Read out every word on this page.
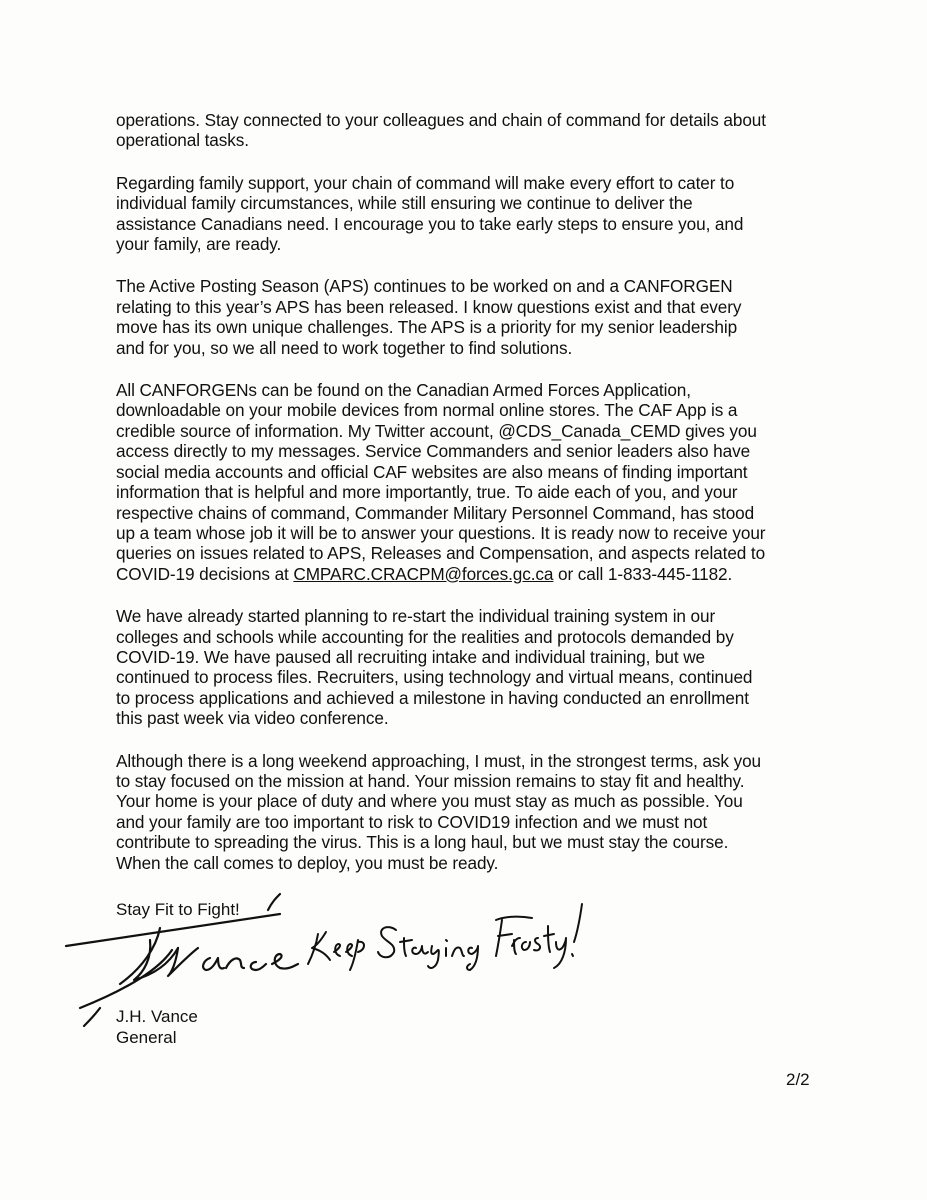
operations. Stay connected to your colleagues and chain of command for details about
operational tasks.

Regarding family support, your chain of command will make every effort to cater to
individual family circumstances, while still ensuring we continue to deliver the
assistance Canadians need. I encourage you to take early steps to ensure you, and
your family, are ready.

The Active Posting Season (APS) continues to be worked on and a CANFORGEN
relating to this year’s APS has been released. I know questions exist and that every
move has its own unique challenges. The APS is a priority for my senior leadership
and for you, so we all need to work together to find solutions.

All CANFORGENs can be found on the Canadian Armed Forces Application,
downloadable on your mobile devices from normal online stores. The CAF App is a
credible source of information. My Twitter account, @CDS_Canada_CEMD gives you
access directly to my messages. Service Commanders and senior leaders also have
social media accounts and official CAF websites are also means of finding important
information that is helpful and more importantly, true. To aide each of you, and your
respective chains of command, Commander Military Personnel Command, has stood
up a team whose job it will be to answer your questions. It is ready now to receive your
queries on issues related to APS, Releases and Compensation, and aspects related to
COVID-19 decisions at CMPARC.CRACPM@forces.gc.ca or call 1-833-445-1182.

We have already started planning to re-start the individual training system in our
colleges and schools while accounting for the realities and protocols demanded by
COVID-19. We have paused all recruiting intake and individual training, but we
continued to process files. Recruiters, using technology and virtual means, continued
to process applications and achieved a milestone in having conducted an enrollment
this past week via video conference.

Although there is a long weekend approaching, I must, in the strongest terms, ask you
to stay focused on the mission at hand. Your mission remains to stay fit and healthy.
Your home is your place of duty and where you must stay as much as possible. You
and your family are too important to risk to COVID19 infection and we must not
contribute to spreading the virus. This is a long haul, but we must stay the course.
When the call comes to deploy, you must be ready.

Stay Fit to Fight!
J.H. Vance
General
2/2
